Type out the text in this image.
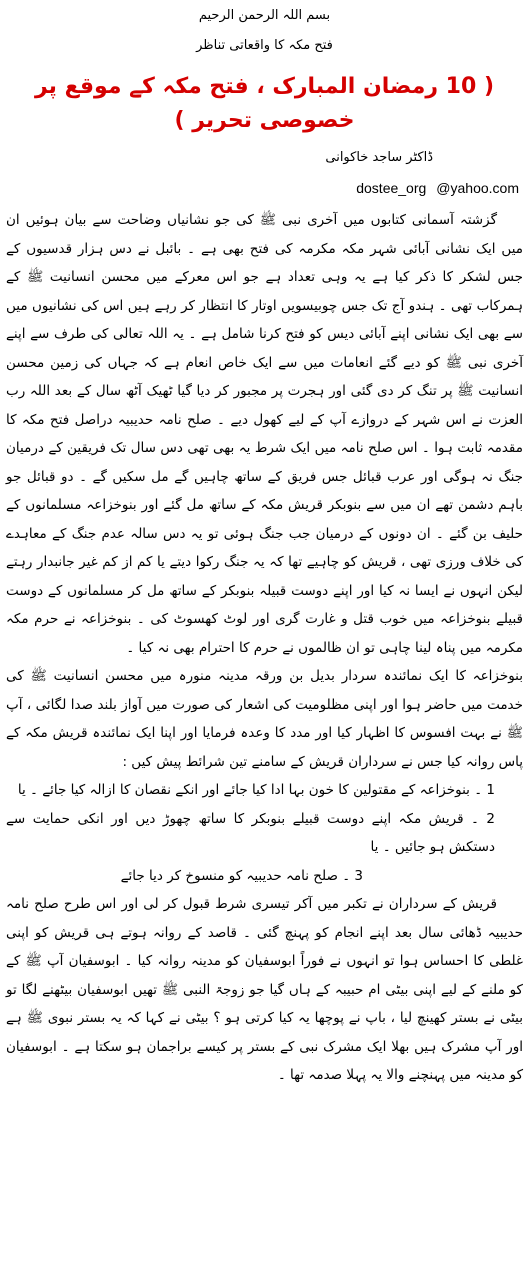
بسم اللہ الرحمن الرحیم
فتح مکہ کا واقعاتی تناظر
( 10 رمضان المبارک ، فتح مکہ کے موقع پر خصوصی تحریر )
ڈاکٹر ساجد خاکوانی
dostee_org @yahoo.com

گزشتہ آسمانی کتابوں میں آخری نبی ﷺ کی جو نشانیاں وضاحت سے بیان ہوئیں ان میں ایک نشانی آبائی شہر مکہ مکرمہ کی فتح بھی ہے ۔ بائبل نے دس ہزار قدسیوں کے جس لشکر کا ذکر کیا ہے یہ وہی تعداد ہے جو اس معرکے میں محسن انسانیت ﷺ کے ہمرکاب تھی ۔ ہندو آج تک جس چوبیسویں اوتار کا انتظار کر رہے ہیں اس کی نشانیوں میں سے بھی ایک نشانی اپنے آبائی دیس کو فتح کرنا شامل ہے ۔ یہ اللہ تعالی کی طرف سے اپنے آخری نبی ﷺ کو دیے گئے انعامات میں سے ایک خاص انعام ہے کہ جہاں کی زمین محسن انسانیت ﷺ پر تنگ کر دی گئی اور ہجرت پر مجبور کر دیا گیا ٹھیک آٹھ سال کے بعد اللہ رب العزت نے اس شہر کے دروازے آپ کے لیے کھول دیے ۔ صلح نامہ حدیبیہ دراصل فتح مکہ کا مقدمہ ثابت ہوا ۔ اس صلح نامہ میں ایک شرط یہ بھی تھی دس سال تک فریقین کے درمیان جنگ نہ ہوگی اور عرب قبائل جس فریق کے ساتھ چاہیں گے مل سکیں گے ۔ دو قبائل جو باہم دشمن تھے ان میں سے بنوبکر قریش مکہ کے ساتھ مل گئے اور بنوخزاعہ مسلمانوں کے حلیف بن گئے ۔ ان دونوں کے درمیان جب جنگ ہوئی تو یہ دس سالہ عدم جنگ کے معاہدے کی خلاف ورزی تھی ، قریش کو چاہیے تھا کہ یہ جنگ رکوا دیتے یا کم از کم غیر جانبدار رہتے لیکن انہوں نے ایسا نہ کیا اور اپنے دوست قبیلہ بنوبکر کے ساتھ مل کر مسلمانوں کے دوست قبیلے بنوخزاعہ میں خوب قتل و غارت گری اور لوٹ کھسوٹ کی ۔ بنوخزاعہ نے حرم مکہ مکرمہ میں پناہ لینا چاہی تو ان ظالموں نے حرم کا احترام بھی نہ کیا ۔

بنوخزاعہ کا ایک نمائندہ سردار بدیل بن ورقہ مدینہ منورہ میں محسن انسانیت ﷺ کی خدمت میں حاضر ہوا اور اپنی مظلومیت کی اشعار کی صورت میں آواز بلند صدا لگائی ، آپ ﷺ نے بہت افسوس کا اظہار کیا اور مدد کا وعدہ فرمایا اور اپنا ایک نمائندہ قریش مکہ کے پاس روانہ کیا جس نے سرداران قریش کے سامنے تین شرائط پیش کیں :

1 ۔ بنوخزاعہ کے مقتولین کا خون بہا ادا کیا جائے اور انکے نقصان کا ازالہ کیا جائے ۔ یا

2 ۔ قریش مکہ اپنے دوست قبیلے بنوبکر کا ساتھ چھوڑ دیں اور انکی حمایت سے دستکش ہو جائیں ۔ یا

3 ۔ صلح نامہ حدیبیہ کو منسوخ کر دیا جائے

قریش کے سرداران نے تکبر میں آکر تیسری شرط قبول کر لی اور اس طرح صلح نامہ حدیبیہ ڈھائی سال بعد اپنے انجام کو پہنچ گئی ۔ قاصد کے روانہ ہوتے ہی قریش کو اپنی غلطی کا احساس ہوا تو انہوں نے فوراً ابوسفیان کو مدینہ روانہ کیا ۔ ابوسفیان آپ ﷺ کے کو ملنے کے لیے اپنی بیٹی ام حبیبہ کے ہاں گیا جو زوجۃ النبی ﷺ تھیں ابوسفیان بیٹھنے لگا تو بیٹی نے بستر کھینچ لیا ، باپ نے پوچھا یہ کیا کرتی ہو ؟ بیٹی نے کہا کہ یہ بستر نبوی ﷺ ہے اور آپ مشرک ہیں بھلا ایک مشرک نبی کے بستر پر کیسے براجمان ہو سکتا ہے ۔ ابوسفیان کو مدینہ میں پہنچنے والا یہ پہلا صدمہ تھا ۔
